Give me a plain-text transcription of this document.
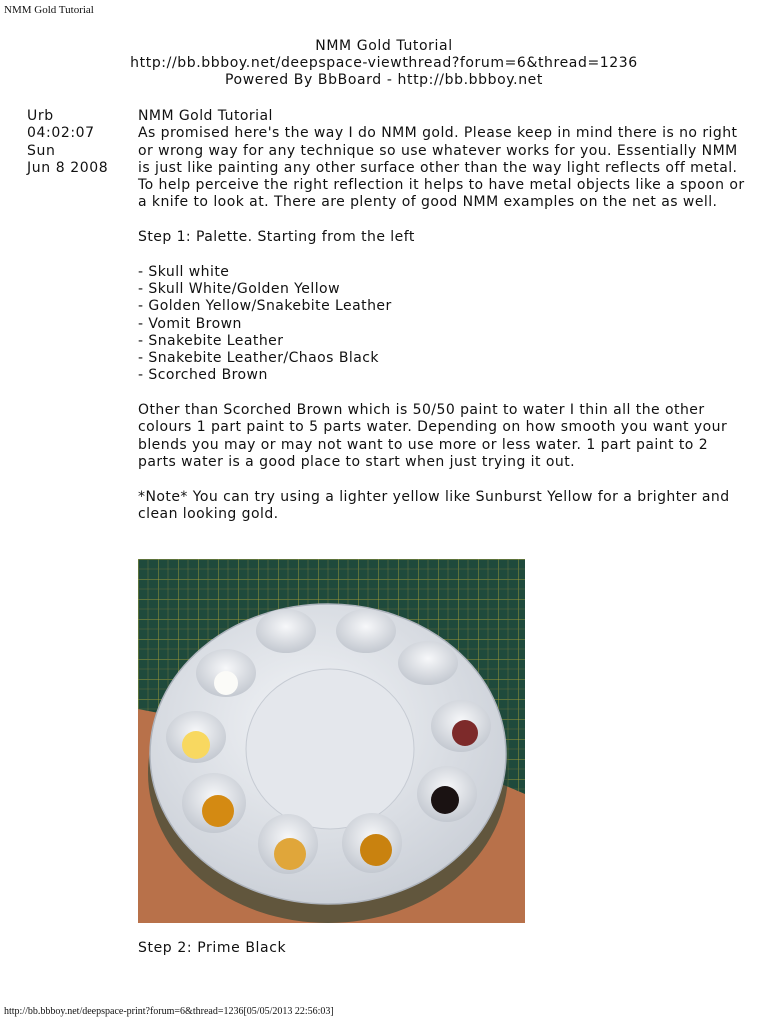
NMM Gold Tutorial
NMM Gold Tutorial
http://bb.bbboy.net/deepspace-viewthread?forum=6&thread=1236
Powered By BbBoard - http://bb.bbboy.net
Urb
04:02:07
Sun
Jun 8 2008

NMM Gold Tutorial

As promised here's the way I do NMM gold. Please keep in mind there is no right or wrong way for any technique so use whatever works for you. Essentially NMM is just like painting any other surface other than the way light reflects off metal. To help perceive the right reflection it helps to have metal objects like a spoon or a knife to look at. There are plenty of good NMM examples on the net as well.

Step 1: Palette. Starting from the left

- Skull white
- Skull White/Golden Yellow
- Golden Yellow/Snakebite Leather
- Vomit Brown
- Snakebite Leather
- Snakebite Leather/Chaos Black
- Scorched Brown

Other than Scorched Brown which is 50/50 paint to water I thin all the other colours 1 part paint to 5 parts water. Depending on how smooth you want your blends you may or may not want to use more or less water. 1 part paint to 2 parts water is a good place to start when just trying it out.

*Note* You can try using a lighter yellow like Sunburst Yellow for a brighter and clean looking gold.

Step 2: Prime Black
http://bb.bbboy.net/deepspace-print?forum=6&thread=1236[05/05/2013 22:56:03]
